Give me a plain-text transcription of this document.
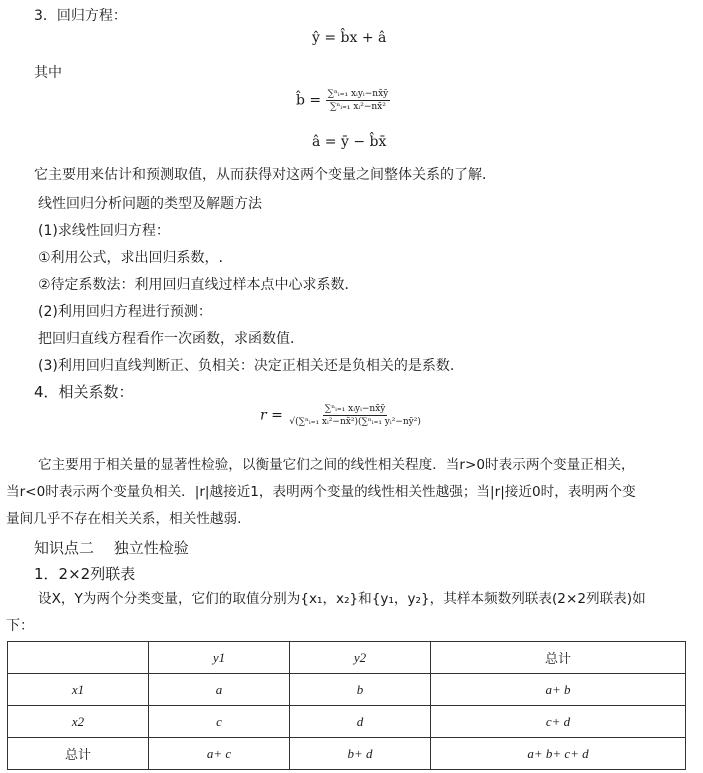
3．回归方程：
ŷ = b̂x + â
其中
b̂ = $\frac{\text{∑ⁿᵢ₌₁ xᵢyᵢ−nx̄ȳ}}{\text{∑ⁿᵢ₌₁ xᵢ²−nx̄²}}$
â = ȳ − b̂x̄
它主要用来估计和预测取值，从而获得对这两个变量之间整体关系的了解．
线性回归分析问题的类型及解题方法
(1)求线性回归方程：
①利用公式，求出回归系数，.
②待定系数法：利用回归直线过样本点中心求系数．
(2)利用回归方程进行预测：
把回归直线方程看作一次函数，求函数值．
(3)利用回归直线判断正、负相关：决定正相关还是负相关的是系数.
4．相关系数：
$r = \frac{\text{∑ⁿᵢ₌₁ xᵢyᵢ−nx̄ȳ}}{\text{√(∑ⁿᵢ₌₁ xᵢ²−nx̄²)(∑ⁿᵢ₌₁ yᵢ²−nȳ²)}}$
它主要用于相关量的显著性检验，以衡量它们之间的线性相关程度．当r>0时表示两个变量正相关，
当r<0时表示两个变量负相关．|r|越接近1，表明两个变量的线性相关性越强；当|r|接近0时，表明两个变
量间几乎不存在相关关系，相关性越弱.
知识点二　 独立性检验
1．2×2列联表
设X，Y为两个分类变量，它们的取值分别为{x₁，x₂}和{y₁，y₂}，其样本频数列联表(2×2列联表)如
下：
	y1	y2	总计
x1	a	b	a+ b
x2	c	d	c+ d
总计	a+ c	b+ d	a+ b+ c+ d
